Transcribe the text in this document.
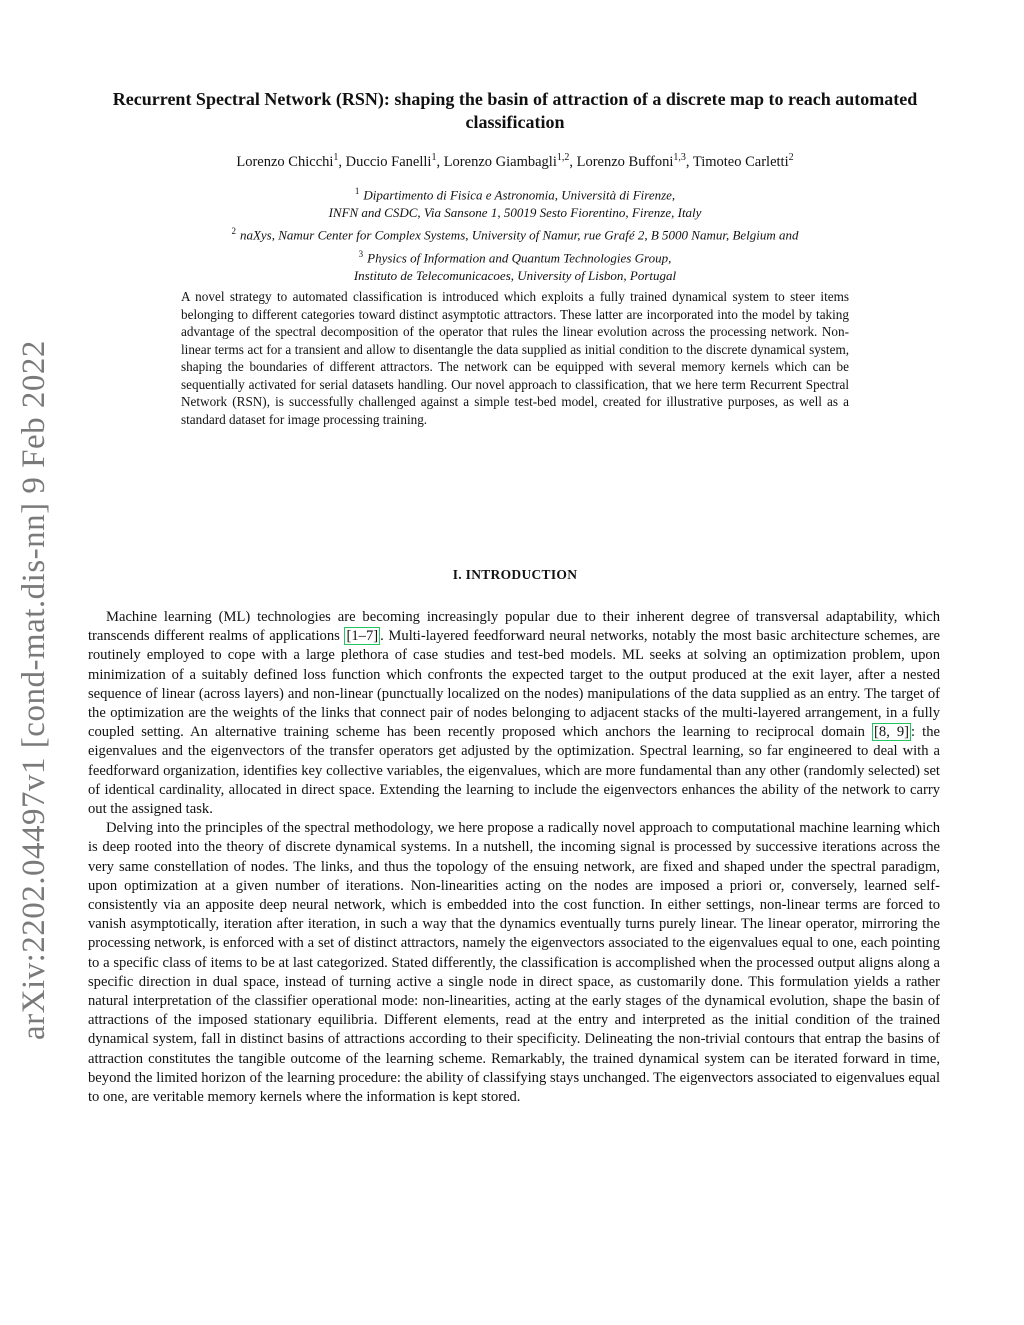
arXiv:2202.04497v1 [cond-mat.dis-nn] 9 Feb 2022
Recurrent Spectral Network (RSN): shaping the basin of attraction of a discrete map to reach automated classification
Lorenzo Chicchi$^1$, Duccio Fanelli$^1$, Lorenzo Giambagli$^{1,2}$, Lorenzo Buffoni$^{1,3}$, Timoteo Carletti$^2$
$^1$ Dipartimento di Fisica e Astronomia, Università di Firenze,
INFN and CSDC, Via Sansone 1, 50019 Sesto Fiorentino, Firenze, Italy
$^2$ naXys, Namur Center for Complex Systems, University of Namur, rue Grafé 2, B 5000 Namur, Belgium and
$^3$ Physics of Information and Quantum Technologies Group,
Instituto de Telecomunicacoes, University of Lisbon, Portugal
A novel strategy to automated classification is introduced which exploits a fully trained dynamical system to steer items belonging to different categories toward distinct asymptotic attractors. These latter are incorporated into the model by taking advantage of the spectral decomposition of the operator that rules the linear evolution across the processing network. Non-linear terms act for a transient and allow to disentangle the data supplied as initial condition to the discrete dynamical system, shaping the boundaries of different attractors. The network can be equipped with several memory kernels which can be sequentially activated for serial datasets handling. Our novel approach to classification, that we here term Recurrent Spectral Network (RSN), is successfully challenged against a simple test-bed model, created for illustrative purposes, as well as a standard dataset for image processing training.
I. INTRODUCTION

Machine learning (ML) technologies are becoming increasingly popular due to their inherent degree of transversal adaptability, which transcends different realms of applications [1–7] . Multi-layered feedforward neural networks, notably the most basic architecture schemes, are routinely employed to cope with a large plethora of case studies and test-bed models. ML seeks at solving an optimization problem, upon minimization of a suitably defined loss function which confronts the expected target to the output produced at the exit layer, after a nested sequence of linear (across layers) and non-linear (punctually localized on the nodes) manipulations of the data supplied as an entry. The target of the optimization are the weights of the links that connect pair of nodes belonging to adjacent stacks of the multi-layered arrangement, in a fully coupled setting. An alternative training scheme has been recently proposed which anchors the learning to reciprocal domain [8, 9] : the eigenvalues and the eigenvectors of the transfer operators get adjusted by the optimization. Spectral learning, so far engineered to deal with a feedforward organization, identifies key collective variables, the eigenvalues, which are more fundamental than any other (randomly selected) set of identical cardinality, allocated in direct space. Extending the learning to include the eigenvectors enhances the ability of the network to carry out the assigned task.

Delving into the principles of the spectral methodology, we here propose a radically novel approach to computational machine learning which is deep rooted into the theory of discrete dynamical systems. In a nutshell, the incoming signal is processed by successive iterations across the very same constellation of nodes. The links, and thus the topology of the ensuing network, are fixed and shaped under the spectral paradigm, upon optimization at a given number of iterations. Non-linearities acting on the nodes are imposed a priori or, conversely, learned self-consistently via an apposite deep neural network, which is embedded into the cost function. In either settings, non-linear terms are forced to vanish asymptotically, iteration after iteration, in such a way that the dynamics eventually turns purely linear. The linear operator, mirroring the processing network, is enforced with a set of distinct attractors, namely the eigenvectors associated to the eigenvalues equal to one, each pointing to a specific class of items to be at last categorized. Stated differently, the classification is accomplished when the processed output aligns along a specific direction in dual space, instead of turning active a single node in direct space, as customarily done. This formulation yields a rather natural interpretation of the classifier operational mode: non-linearities, acting at the early stages of the dynamical evolution, shape the basin of attractions of the imposed stationary equilibria. Different elements, read at the entry and interpreted as the initial condition of the trained dynamical system, fall in distinct basins of attractions according to their specificity. Delineating the non-trivial contours that entrap the basins of attraction constitutes the tangible outcome of the learning scheme. Remarkably, the trained dynamical system can be iterated forward in time, beyond the limited horizon of the learning procedure: the ability of classifying stays unchanged. The eigenvectors associated to eigenvalues equal to one, are veritable memory kernels where the information is kept stored.
